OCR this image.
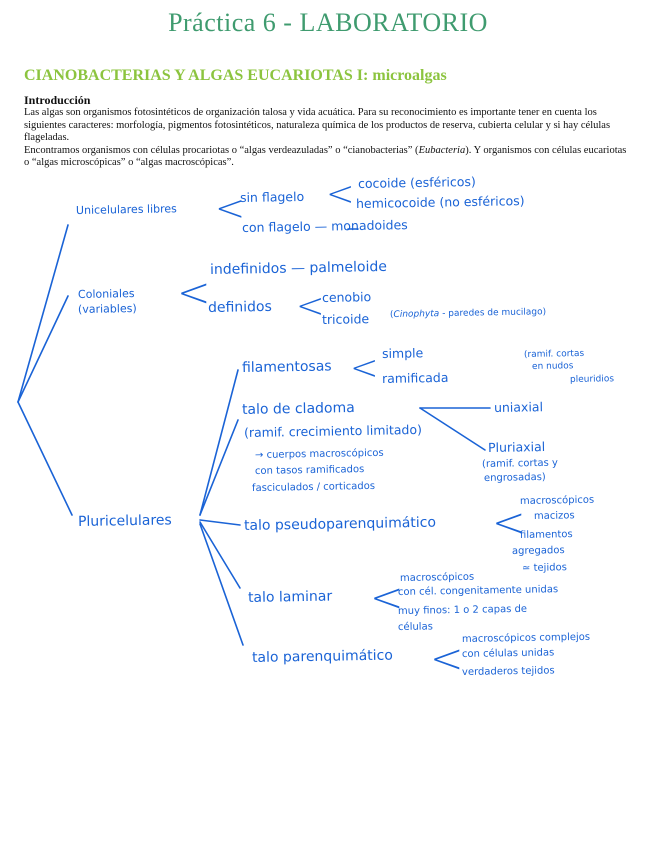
Práctica 6 - LABORATORIO
CIANOBACTERIAS Y ALGAS EUCARIOTAS I: microalgas
Introducción

Las algas son organismos fotosintéticos de organización talosa y vida acuática. Para su reconocimiento es importante tener en cuenta los siguientes caracteres: morfología, pigmentos fotosintéticos, naturaleza química de los productos de reserva, cubierta celular y si hay células flageladas.

Encontramos organismos con células procariotas o “algas verdeazuladas” o “cianobacterias” (Eubacteria). Y organismos con células eucariotas o “algas microscópicas” o “algas macroscópicas”.

< <
<	<
<
<
<
<
Unicelulares libres
sin flagelo
cocoide (esféricos)
hemicocoide (no esféricos)
con flagelo — monadoides
Coloniales
(variables)
indefinidos — palmeloide
definidos
cenobio
tricoide (Cinophyta - paredes de mucilago)
filamentosas
simple
ramificada
(ramif. cortas
en nudos
pleuridios
talo de cladoma
(ramif. crecimiento limitado)
uniaxial
Pluriaxial
(ramif. cortas y
engrosadas)
→ cuerpos macroscópicos
con tasos ramificados
fasciculados / corticados
Pluricelulares	talo pseudoparenquimático
macroscópicos
macizos
filamentos
agregados
≃ tejidos
talo laminar
macroscópicos
con cél. congenitamente unidas
muy finos: 1 o 2 capas de
células
talo parenquimático
macroscópicos complejos
con células unidas
verdaderos tejidos
